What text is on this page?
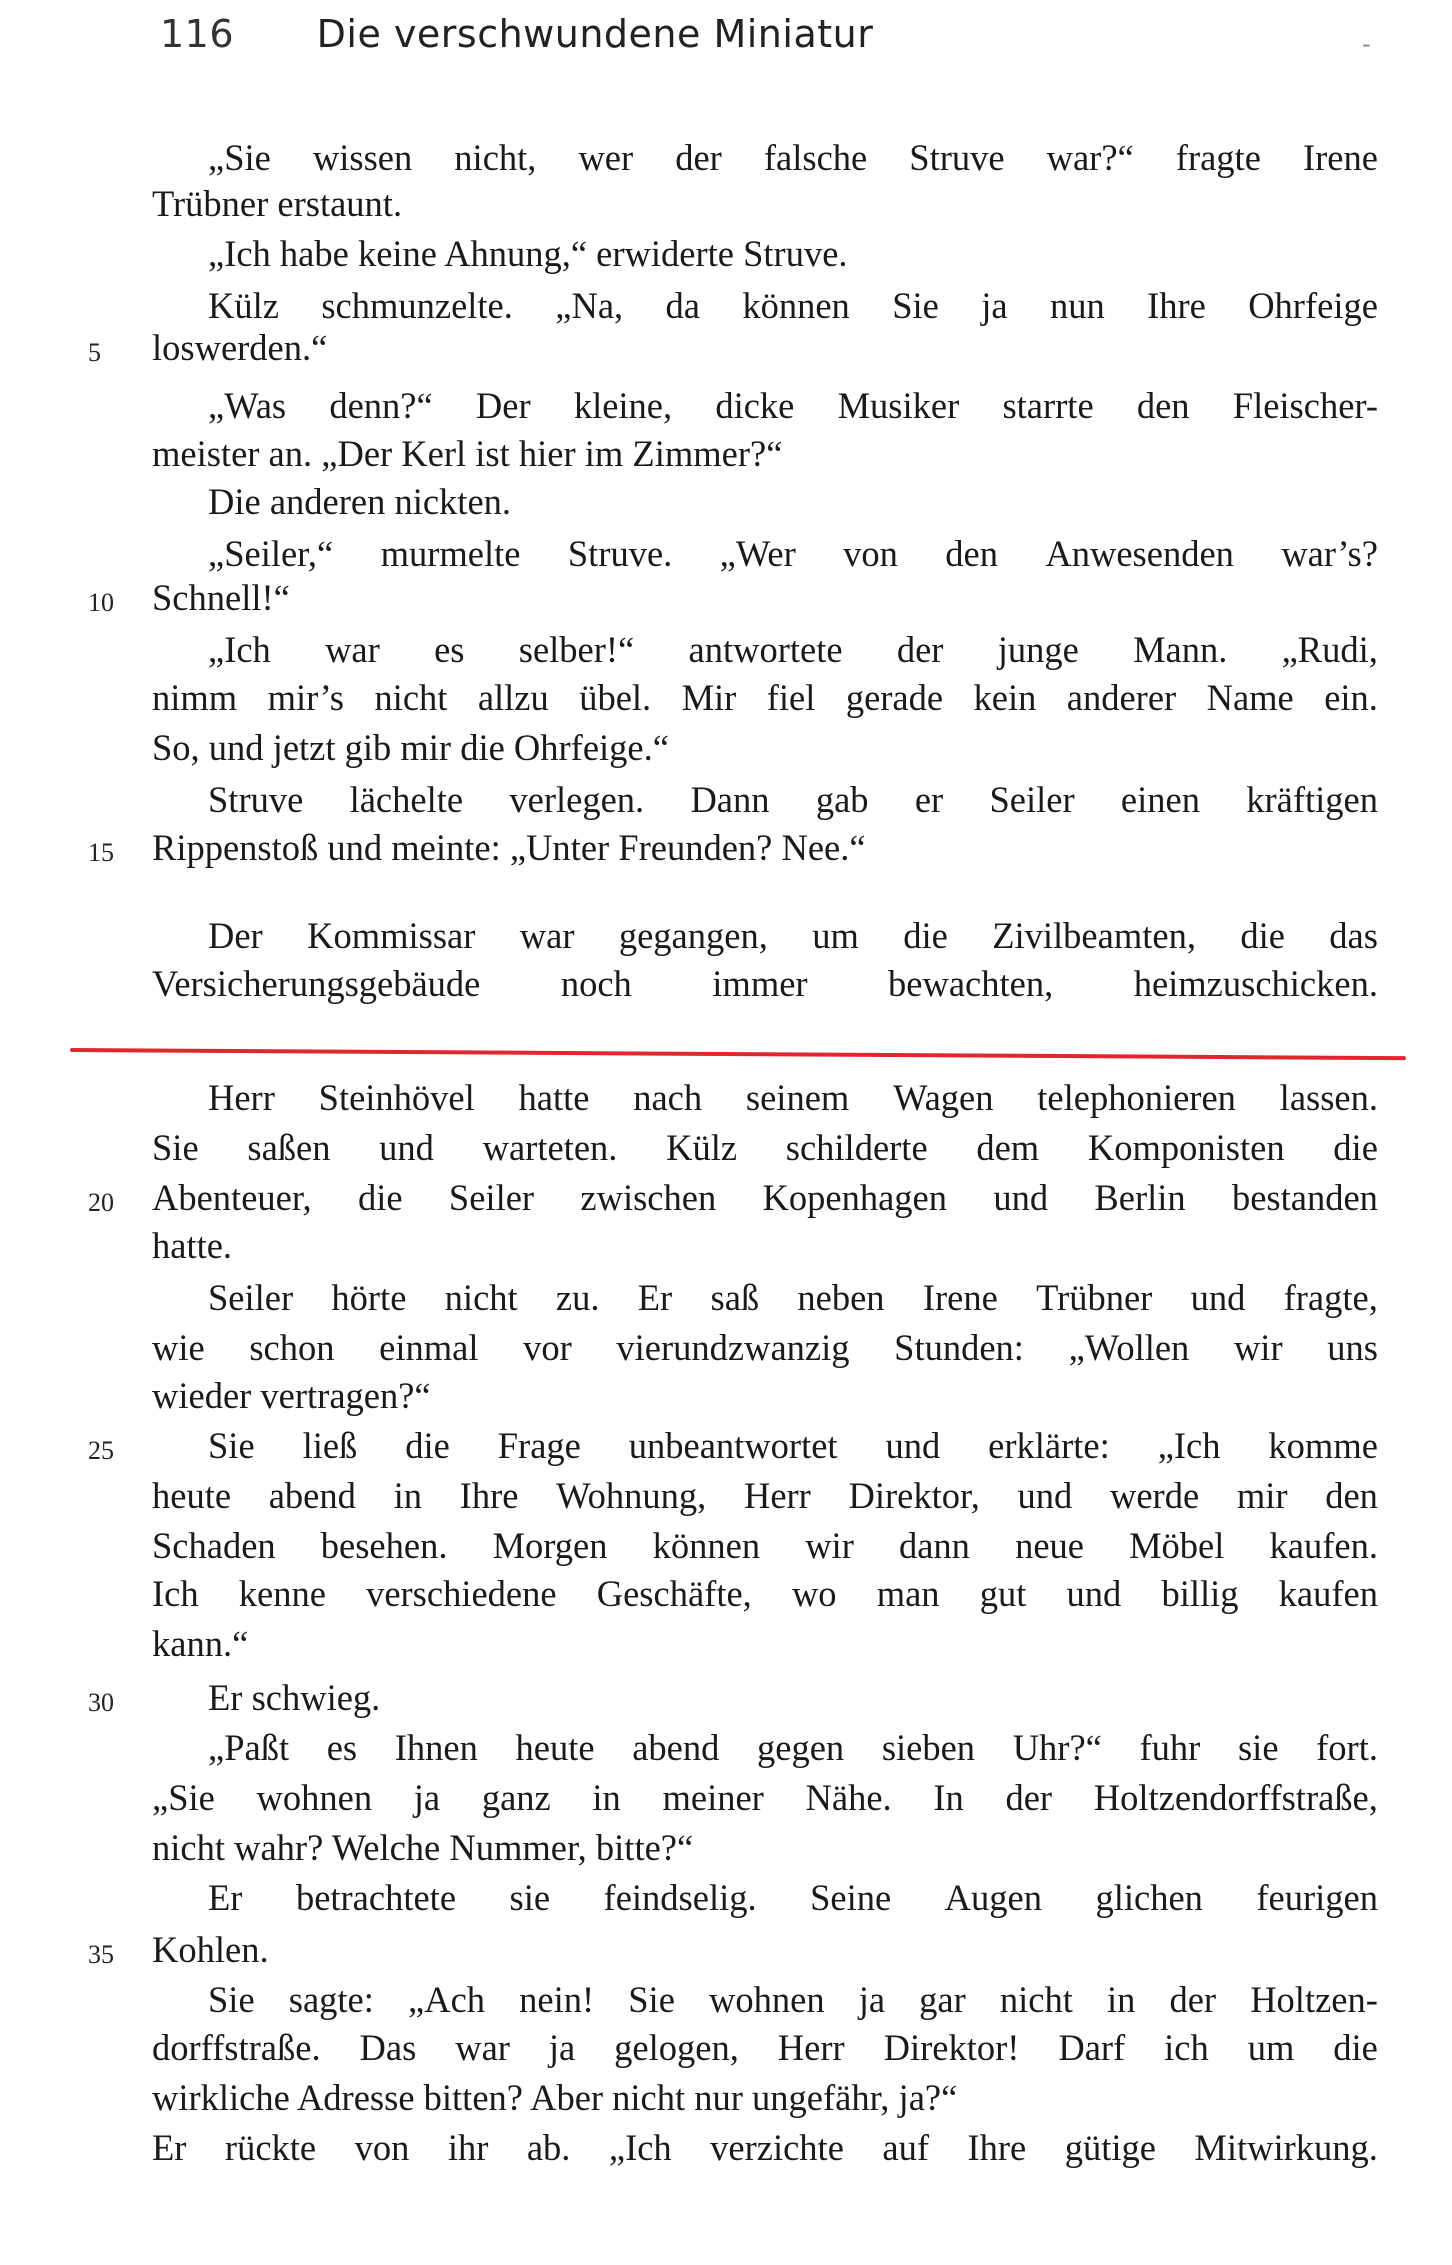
116 Die verschwundene Miniatur	-
„Sie wissen nicht, wer der falsche Struve war?“ fragte Irene
Trübner erstaunt.
„Ich habe keine Ahnung,“ erwiderte Struve.
Külz schmunzelte. „Na, da können Sie ja nun Ihre Ohrfeige
loswerden.“
5
„Was denn?“ Der kleine, dicke Musiker starrte den Fleischer-
meister an. „Der Kerl ist hier im Zimmer?“
Die anderen nickten.
„Seiler,“ murmelte Struve. „Wer von den Anwesenden war’s?
Schnell!“
10
„Ich war es selber!“ antwortete der junge Mann. „Rudi,
nimm mir’s nicht allzu übel. Mir fiel gerade kein anderer Name ein.
So, und jetzt gib mir die Ohrfeige.“
Struve lächelte verlegen. Dann gab er Seiler einen kräftigen
Rippenstoß und meinte: „Unter Freunden? Nee.“
15
Der Kommissar war gegangen, um die Zivilbeamten, die das
Versicherungsgebäude noch immer bewachten, heimzuschicken.
Herr Steinhövel hatte nach seinem Wagen telephonieren lassen.
Sie saßen und warteten. Külz schilderte dem Komponisten die
Abenteuer, die Seiler zwischen Kopenhagen und Berlin bestanden
20
hatte.
Seiler hörte nicht zu. Er saß neben Irene Trübner und fragte,
wie schon einmal vor vierundzwanzig Stunden: „Wollen wir uns
wieder vertragen?“
Sie ließ die Frage unbeantwortet und erklärte: „Ich komme
25
heute abend in Ihre Wohnung, Herr Direktor, und werde mir den
Schaden besehen. Morgen können wir dann neue Möbel kaufen.
Ich kenne verschiedene Geschäfte, wo man gut und billig kaufen
kann.“
Er schwieg.
30
„Paßt es Ihnen heute abend gegen sieben Uhr?“ fuhr sie fort.
„Sie wohnen ja ganz in meiner Nähe. In der Holtzendorffstraße,
nicht wahr? Welche Nummer, bitte?“
Er betrachtete sie feindselig. Seine Augen glichen feurigen
Kohlen.
35
Sie sagte: „Ach nein! Sie wohnen ja gar nicht in der Holtzen-
dorffstraße. Das war ja gelogen, Herr Direktor! Darf ich um die
wirkliche Adresse bitten? Aber nicht nur ungefähr, ja?“
Er rückte von ihr ab. „Ich verzichte auf Ihre gütige Mitwirkung.
